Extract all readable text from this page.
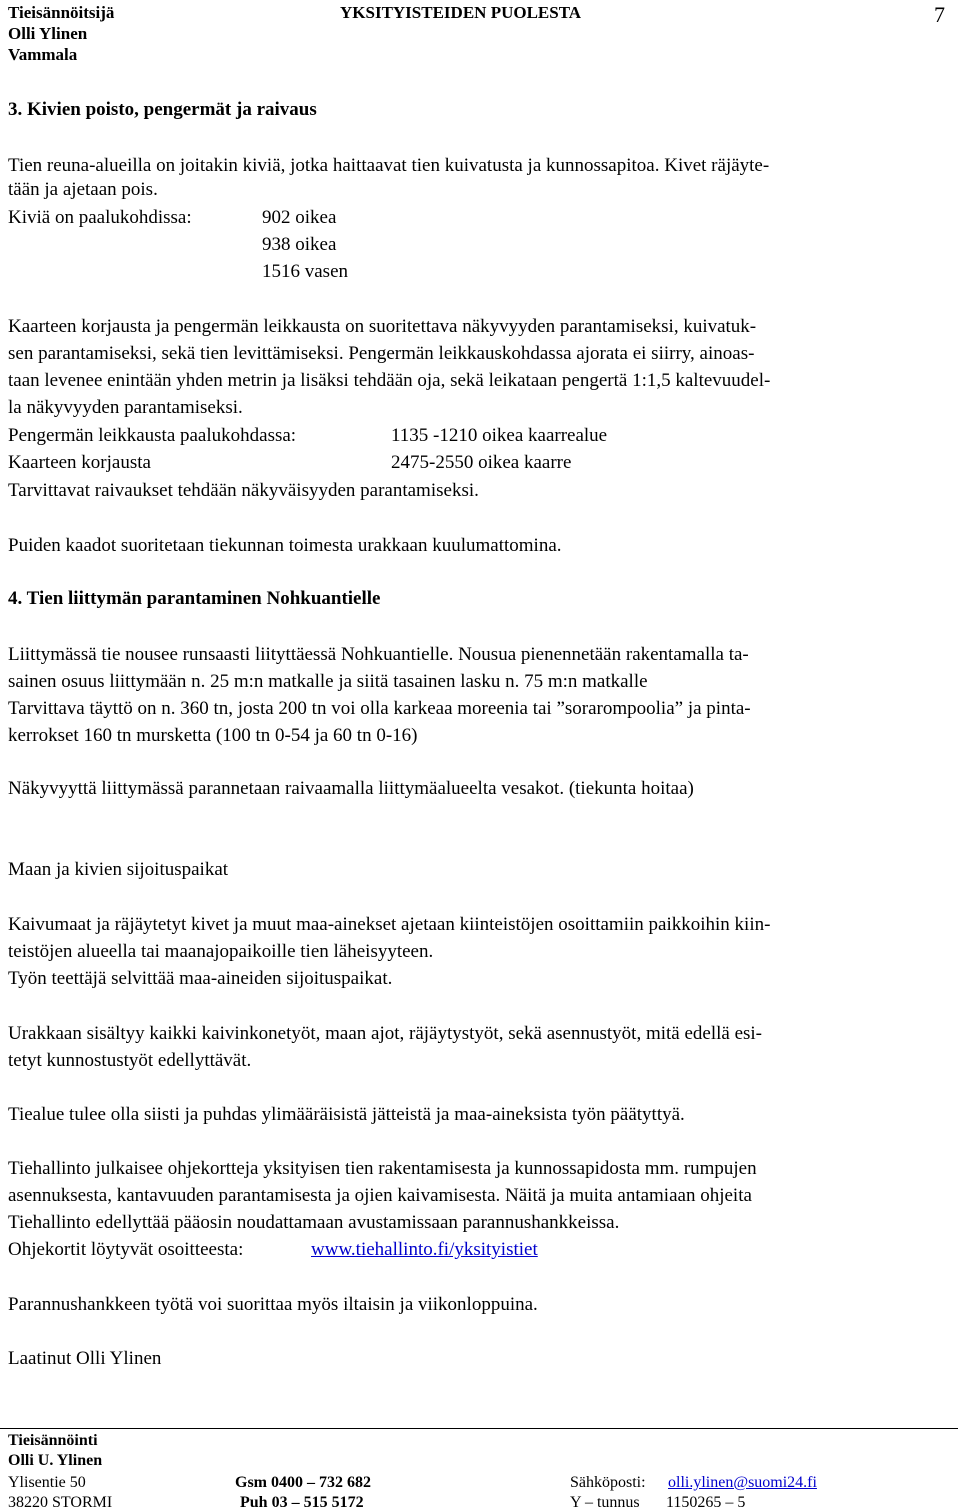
Tieisännöitsijä
Olli Ylinen
Vammala
YKSITYISTEIDEN PUOLESTA	7
3. Kivien poisto, pengermät ja raivaus
Tien reuna-alueilla on joitakin kiviä, jotka haittaavat tien kuivatusta ja kunnossapitoa. Kivet räjäyte-
tään ja ajetaan pois.
Kiviä on paalukohdissa:	902 oikea
938 oikea
1516 vasen
Kaarteen korjausta ja pengermän leikkausta on suoritettava näkyvyyden parantamiseksi, kuivatuk-
sen parantamiseksi, sekä tien levittämiseksi. Pengermän leikkauskohdassa ajorata ei siirry, ainoas-
taan levenee enintään yhden metrin ja lisäksi tehdään oja, sekä leikataan pengertä 1:1,5 kaltevuudel-
la näkyvyyden parantamiseksi.
Pengermän leikkausta paalukohdassa:	1135 -1210 oikea kaarrealue
Kaarteen korjausta	2475-2550 oikea kaarre
Tarvittavat raivaukset tehdään näkyväisyyden parantamiseksi.
Puiden kaadot suoritetaan tiekunnan toimesta urakkaan kuulumattomina.
4. Tien liittymän parantaminen Nohkuantielle
Liittymässä tie nousee runsaasti liityttäessä Nohkuantielle. Nousua pienennetään rakentamalla ta-
sainen osuus liittymään n. 25 m:n matkalle ja siitä tasainen lasku n. 75 m:n matkalle
Tarvittava täyttö on n. 360 tn, josta 200 tn voi olla karkeaa moreenia tai ”sorarompoolia” ja pinta-
kerrokset 160 tn mursketta (100 tn 0-54 ja 60 tn 0-16)
Näkyvyyttä liittymässä parannetaan raivaamalla liittymäalueelta vesakot. (tiekunta hoitaa)
Maan ja kivien sijoituspaikat
Kaivumaat ja räjäytetyt kivet ja muut maa-ainekset ajetaan kiinteistöjen osoittamiin paikkoihin kiin-
teistöjen alueella tai maanajopaikoille tien läheisyyteen.
Työn teettäjä selvittää maa-aineiden sijoituspaikat.
Urakkaan sisältyy kaikki kaivinkonetyöt, maan ajot, räjäytystyöt, sekä asennustyöt, mitä edellä esi-
tetyt kunnostustyöt edellyttävät.
Tiealue tulee olla siisti ja puhdas ylimääräisistä jätteistä ja maa-aineksista työn päätyttyä.
Tiehallinto julkaisee ohjekortteja yksityisen tien rakentamisesta ja kunnossapidosta mm. rumpujen
asennuksesta, kantavuuden parantamisesta ja ojien kaivamisesta. Näitä ja muita antamiaan ohjeita
Tiehallinto edellyttää pääosin noudattamaan avustamissaan parannushankkeissa.
Ohjekortit löytyvät osoitteesta:	www.tiehallinto.fi/yksityistiet
Parannushankkeen työtä voi suorittaa myös iltaisin ja viikonloppuina.
Laatinut Olli Ylinen
Tieisännöinti
Olli U. Ylinen
Ylisentie 50
38220 STORMI
Gsm 0400 – 732 682
Puh 03 – 515 5172
Sähköposti: olli.ylinen@suomi24.fi
Y – tunnus 1150265 – 5
